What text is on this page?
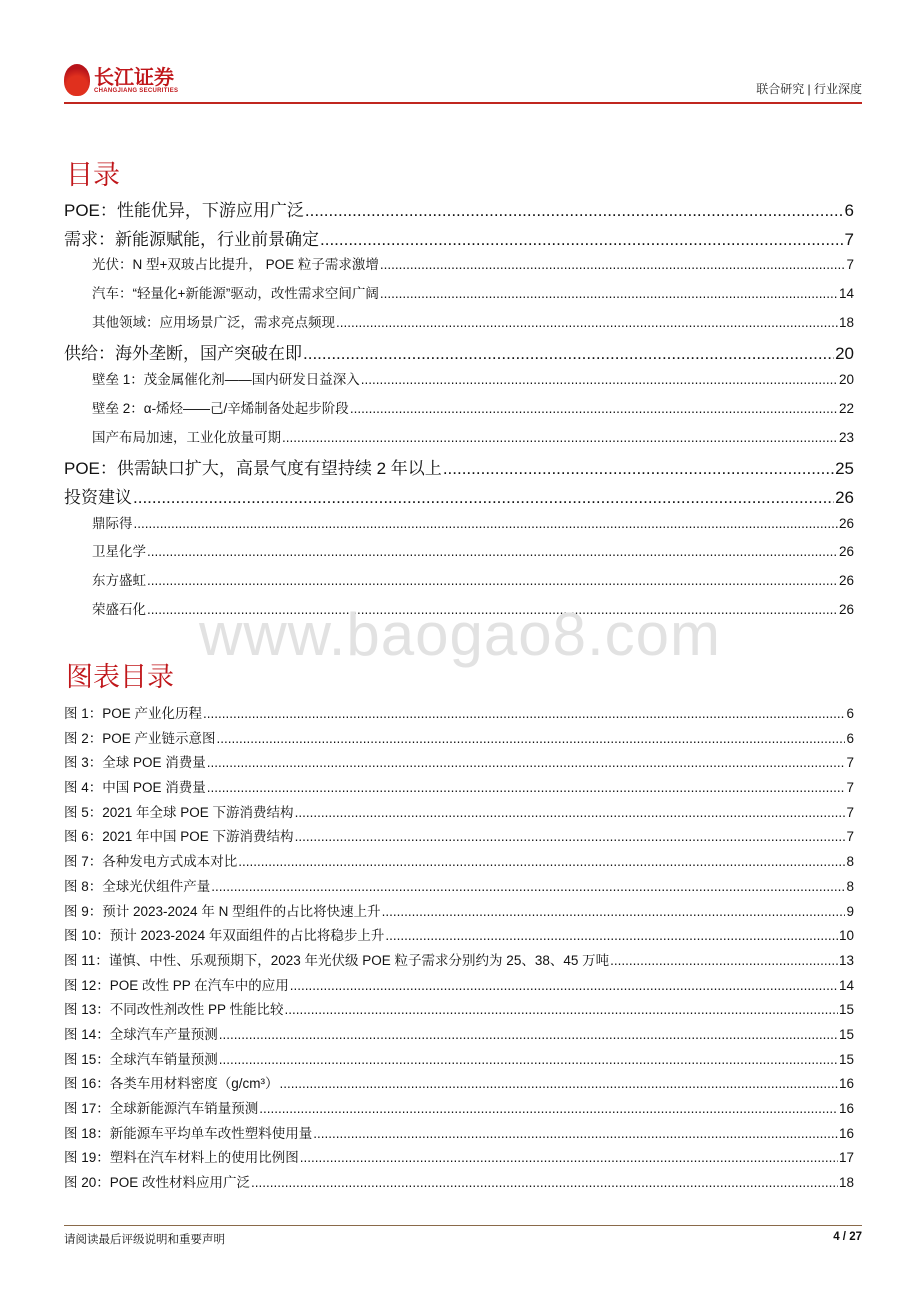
长江证券
CHANGJIANG SECURITIES	联合研究 | 行业深度
目录
POE：性能优异，下游应用广泛 .....	6
需求：新能源赋能，行业前景确定 .....	7
光伏：N 型+双玻占比提升， POE 粒子需求激增 .....	7
汽车：“轻量化+新能源”驱动，改性需求空间广阔 .....	14
其他领域：应用场景广泛，需求亮点频现 .....	18
供给：海外垄断，国产突破在即 .....	20
壁垒 1：茂金属催化剂——国内研发日益深入 .....	20
壁垒 2：α-烯烃——己/辛烯制备处起步阶段 .....	22
国产布局加速，工业化放量可期 .....	23
POE：供需缺口扩大，高景气度有望持续 2 年以上 .....	25
投资建议 .....	26
鼎际得 .....	26
卫星化学 .....	26
东方盛虹 .....	26
荣盛石化 .....	26
www.baogao8.com
图表目录
图 1：POE 产业化历程 .....	6
图 2：POE 产业链示意图 .....	6
图 3：全球 POE 消费量 .....	7
图 4：中国 POE 消费量 .....	7
图 5：2021 年全球 POE 下游消费结构 .....	7
图 6：2021 年中国 POE 下游消费结构 .....	7
图 7：各种发电方式成本对比 .....	8
图 8：全球光伏组件产量 .....	8
图 9：预计 2023-2024 年 N 型组件的占比将快速上升 .....	9
图 10：预计 2023-2024 年双面组件的占比将稳步上升 .....	10
图 11：谨慎、中性、乐观预期下，2023 年光伏级 POE 粒子需求分别约为 25、38、45 万吨 .....	13
图 12：POE 改性 PP 在汽车中的应用 .....	14
图 13：不同改性剂改性 PP 性能比较 .....	15
图 14：全球汽车产量预测 .....	15
图 15：全球汽车销量预测 .....	15
图 16：各类车用材料密度（g/cm³） .....	16
图 17：全球新能源汽车销量预测 .....	16
图 18：新能源车平均单车改性塑料使用量 .....	16
图 19：塑料在汽车材料上的使用比例图 .....	17
图 20：POE 改性材料应用广泛 .....	18
请阅读最后评级说明和重要声明	4 / 27
